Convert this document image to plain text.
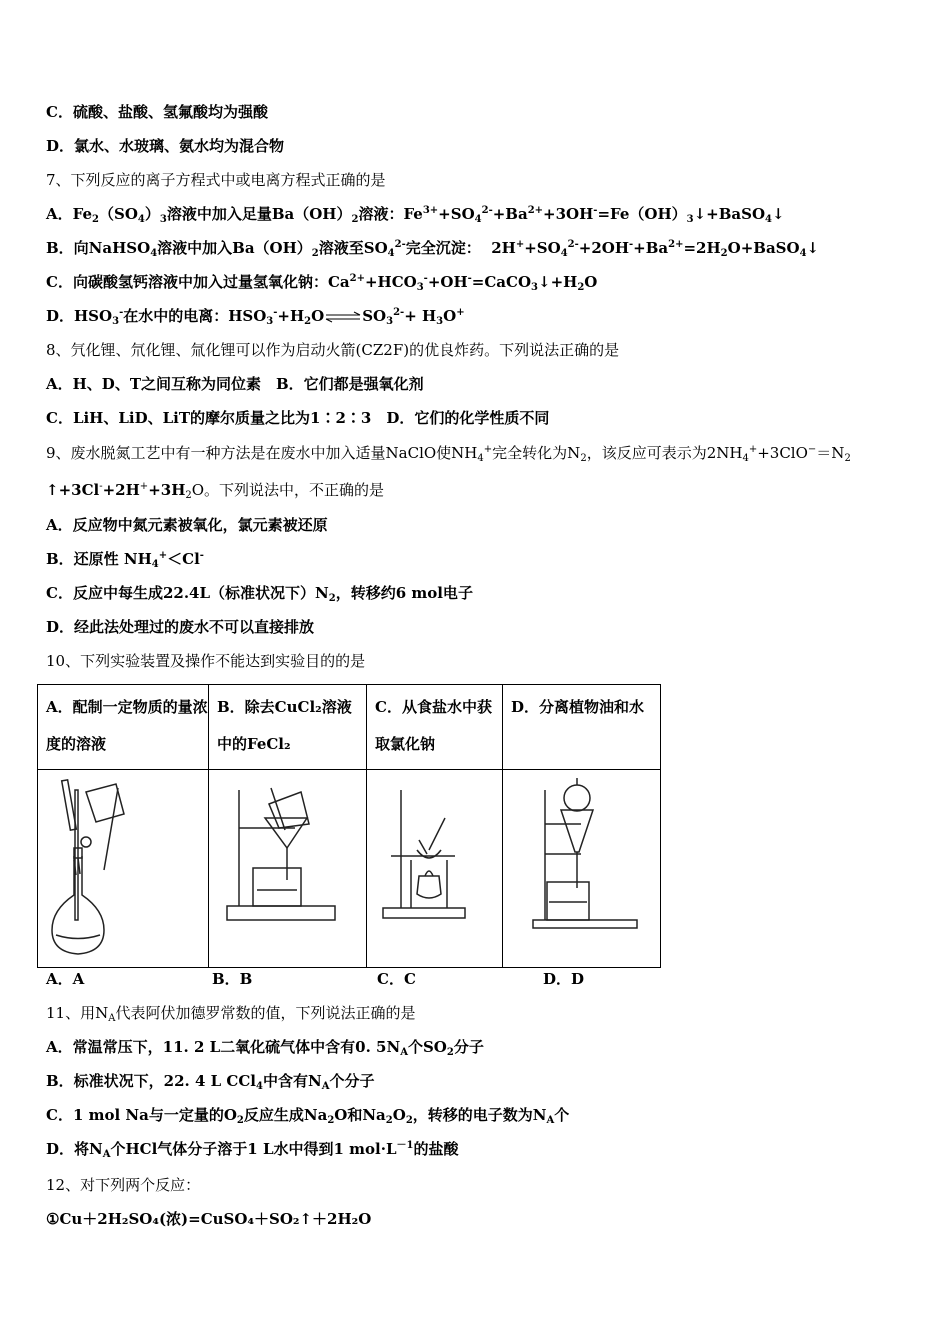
C．硫酸、盐酸、氢氟酸均为强酸
D．氯水、水玻璃、氨水均为混合物
7、下列反应的离子方程式中或电离方程式正确的是
A．$Fe_2(SO_4)_3$溶液中加入足量$Ba(OH)_2$溶液：$Fe^{3+}+SO_4^{2-}+Ba^{2+}+3OH^-=Fe(OH)_3↓+BaSO_4↓$
B．向NaHSO$_4$溶液中加入$Ba(OH)_2$溶液至$SO_4^{2-}$完全沉淀： $2H^++SO_4^{2-}+2OH^-+Ba^{2+}=2H_2O+BaSO_4↓$
C．向碳酸氢钙溶液中加入过量氢氧化钠：$Ca^{2+}+HCO_3^-+OH^-=CaCO_3↓+H_2O$
D．$HSO_3^-$在水中的电离：$HSO_3^-+H_2O\rightleftharpoons SO_3^{2-}+ H_3O^+$
8、氕化锂、氘化锂、氚化锂可以作为启动火箭(CZ2F)的优良炸药。下列说法正确的是
A．H、D、T之间互称为同位素　B．它们都是强氧化剂
C．LiH、LiD、LiT的摩尔质量之比为1∶2∶3　D．它们的化学性质不同
9、废水脱氮工艺中有一种方法是在废水中加入适量NaClO使$NH_4^+$完全转化为$N_2$，该反应可表示为$2NH_4^++3ClO^-=N_2$
$↑+3Cl^-+2H^++3H_2O$。下列说法中，不正确的是
A．反应物中氮元素被氧化，氯元素被还原
B．还原性 $NH_4^+<Cl^-$
C．反应中每生成22.4L（标准状况下）$N_2$，转移约6 mol电子
D．经此法处理过的废水不可以直接排放
10、下列实验装置及操作不能达到实验目的的是
A．配制一定物质的量浓度的溶液	B．除去CuCl₂溶液中的FeCl₂	C．从食盐水中获取氯化钠	D．分离植物油和水

A．A	B．B	C．C	D．D
11、用$N_A$代表阿伏加德罗常数的值，下列说法正确的是
A．常温常压下，11. 2 L二氧化硫气体中含有0. $5N_A$个$SO_2$分子
B．标准状况下，22. 4 L CCl$_4$中含有$N_A$个分子
C．1 mol Na与一定量的$O_2$反应生成$Na_2O$和$Na_2O_2$，转移的电子数为$N_A$个
D．将$N_A$个HCl气体分子溶于1 L水中得到1 $mol\cdot L^{-1}$的盐酸
12、对下列两个反应：
①Cu＋2H₂SO₄(浓)=CuSO₄＋SO₂↑＋2H₂O
